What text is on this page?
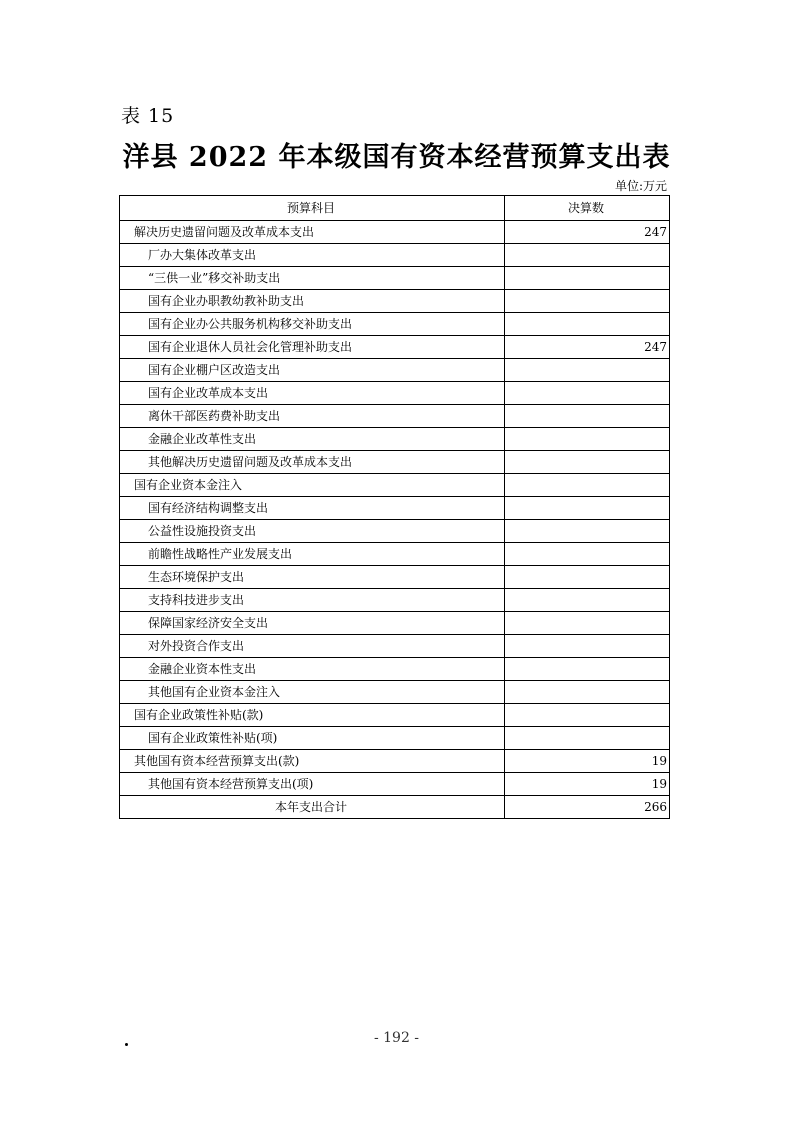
表 15
洋县 2022 年本级国有资本经营预算支出表
单位:万元
预算科目	决算数
解决历史遗留问题及改革成本支出	247
厂办大集体改革支出	
“三供一业”移交补助支出	
国有企业办职教幼教补助支出	
国有企业办公共服务机构移交补助支出	
国有企业退休人员社会化管理补助支出	247
国有企业棚户区改造支出	
国有企业改革成本支出	
离休干部医药费补助支出	
金融企业改革性支出	
其他解决历史遗留问题及改革成本支出	
国有企业资本金注入	
国有经济结构调整支出	
公益性设施投资支出	
前瞻性战略性产业发展支出	
生态环境保护支出	
支持科技进步支出	
保障国家经济安全支出	
对外投资合作支出	
金融企业资本性支出	
其他国有企业资本金注入	
国有企业政策性补贴(款)	
国有企业政策性补贴(项)	
其他国有资本经营预算支出(款)	19
其他国有资本经营预算支出(项)	19
本年支出合计	266
- 192 -
